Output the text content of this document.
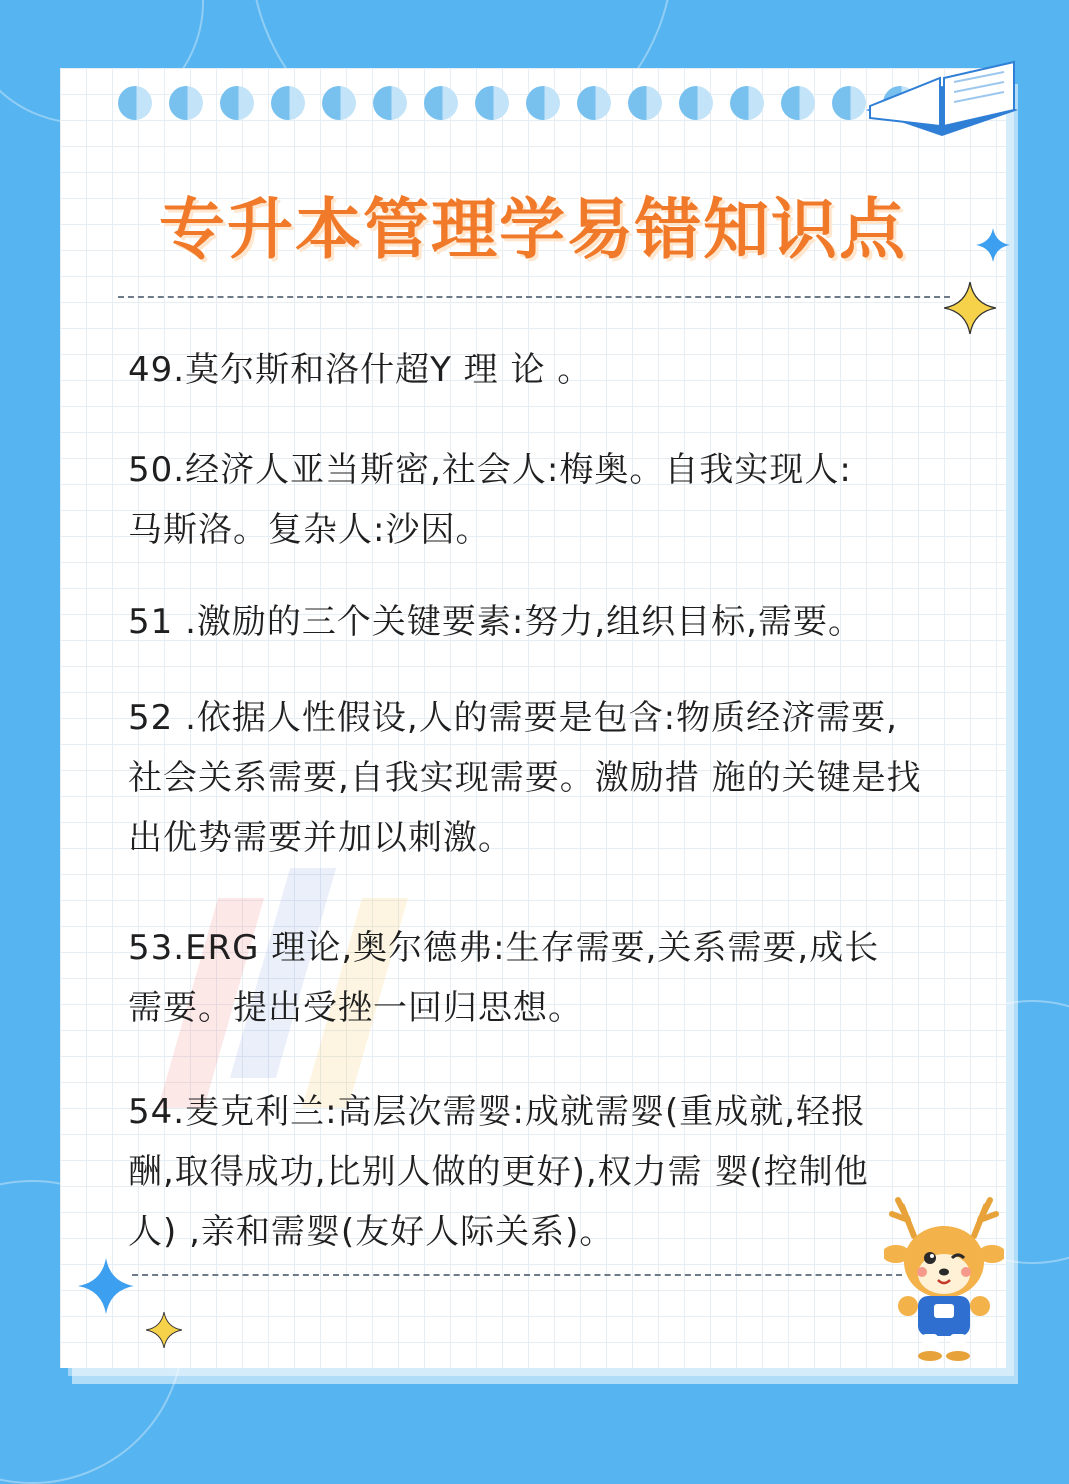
专升本管理学易错知识点
49.莫尔斯和洛什超Y 理 论 。
50.经济人亚当斯密,社会人:梅奥。自我实现人:
马斯洛。复杂人:沙因。
51 .激励的三个关键要素:努力,组织目标,需要。
52 .依据人性假设,人的需要是包含:物质经济需要,
社会关系需要,自我实现需要。激励措 施的关键是找
出优势需要并加以刺激。
53.ERG 理论,奥尔德弗:生存需要,关系需要,成长
需要。提出受挫一回归思想。
54.麦克利兰:高层次需婴:成就需婴(重成就,轻报
酬,取得成功,比别人做的更好),权力需 婴(控制他
人) ,亲和需婴(友好人际关系)。
